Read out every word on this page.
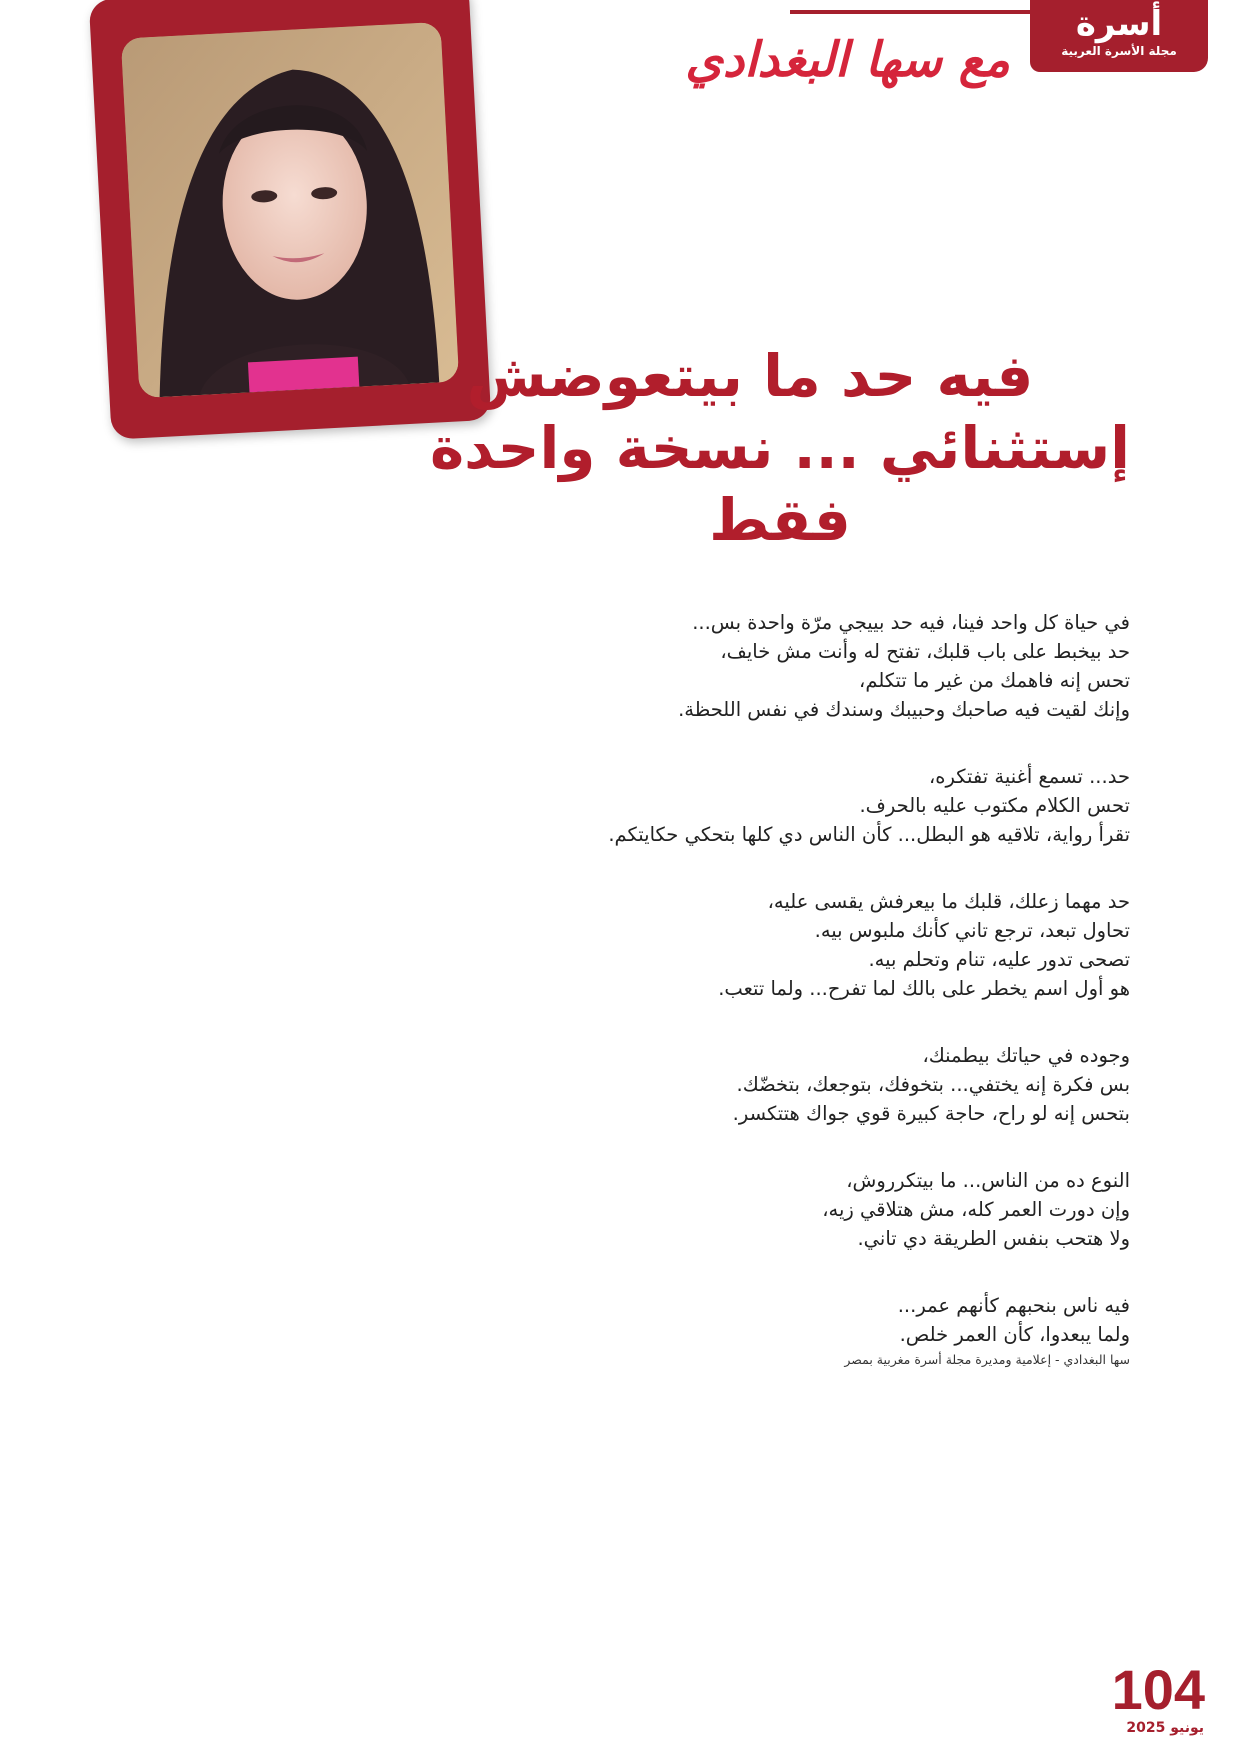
أسرة
مجلة الأسرة العربية
مع سها البغدادي
فيه حد ما بيتعوضش
إستثنائي ... نسخة واحدة فقط
في حياة كل واحد فينا، فيه حد بييجي مرّة واحدة بس...
حد بيخبط على باب قلبك، تفتح له وأنت مش خايف،
تحس إنه فاهمك من غير ما تتكلم،
وإنك لقيت فيه صاحبك وحبيبك وسندك في نفس اللحظة.
حد... تسمع أغنية تفتكره،
تحس الكلام مكتوب عليه بالحرف.
تقرأ رواية، تلاقيه هو البطل... كأن الناس دي كلها بتحكي حكايتكم.
حد مهما زعلك، قلبك ما بيعرفش يقسى عليه،
تحاول تبعد، ترجع تاني كأنك ملبوس بيه.
تصحى تدور عليه، تنام وتحلم بيه.
هو أول اسم يخطر على بالك لما تفرح... ولما تتعب.
وجوده في حياتك بيطمنك،
بس فكرة إنه يختفي... بتخوفك، بتوجعك، بتخضّك.
بتحس إنه لو راح، حاجة كبيرة قوي جواك هتتكسر.
النوع ده من الناس... ما بيتكرروش،
وإن دورت العمر كله، مش هتلاقي زيه،
ولا هتحب بنفس الطريقة دي تاني.
فيه ناس بنحبهم كأنهم عمر...
ولما يبعدوا، كأن العمر خلص.
سها البغدادي - إعلامية ومديرة مجلة أسرة مغربية بمصر
104
يونيو 2025
